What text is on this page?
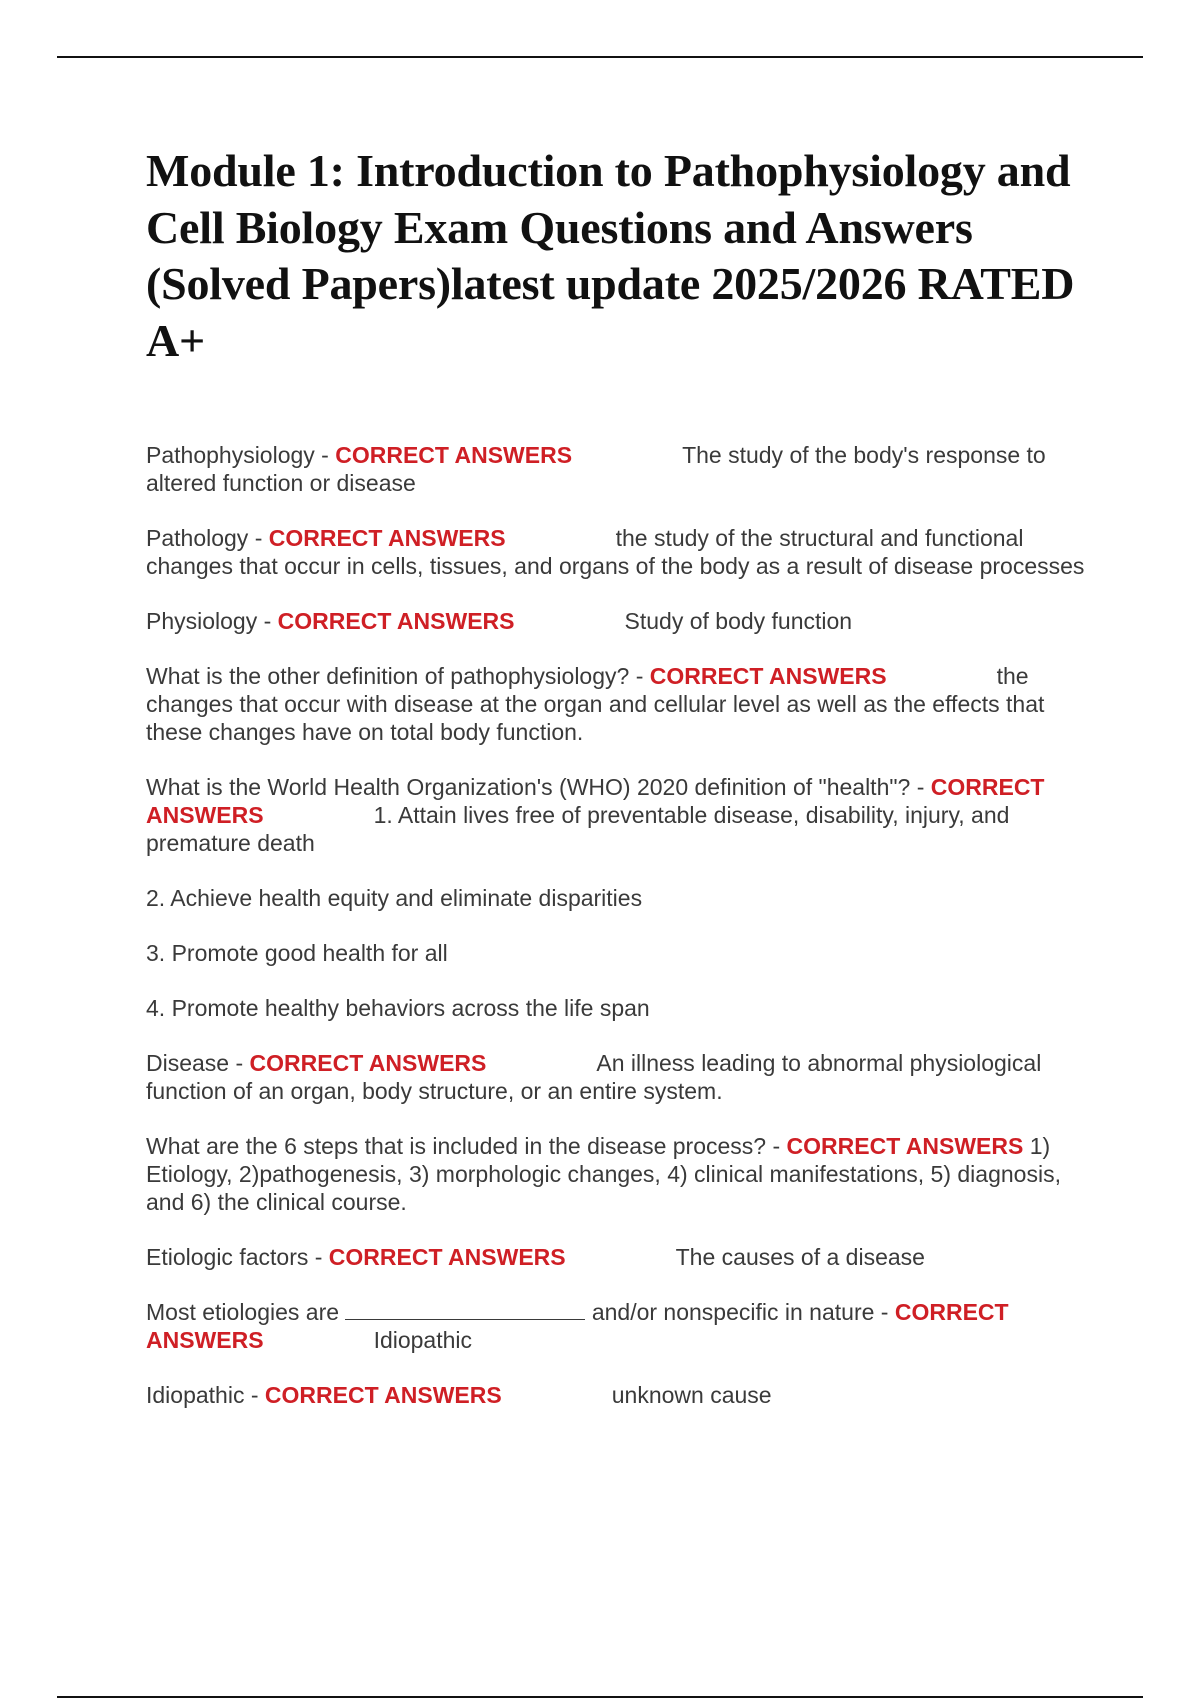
Module 1: Introduction to Pathophysiology and Cell Biology Exam Questions and Answers (Solved Papers)latest update 2025/2026 RATED A+

Pathophysiology - CORRECT ANSWERS	The study of the body's response to altered function or disease

Pathology - CORRECT ANSWERS	the study of the structural and functional changes that occur in cells, tissues, and organs of the body as a result of disease processes

Physiology - CORRECT ANSWERS	Study of body function

What is the other definition of pathophysiology? - CORRECT ANSWERS	the changes that occur with disease at the organ and cellular level as well as the effects that these changes have on total body function.

What is the World Health Organization's (WHO) 2020 definition of "health"? - CORRECT ANSWERS	1. Attain lives free of preventable disease, disability, injury, and premature death

2. Achieve health equity and eliminate disparities

3. Promote good health for all

4. Promote healthy behaviors across the life span

Disease - CORRECT ANSWERS	An illness leading to abnormal physiological function of an organ, body structure, or an entire system.

What are the 6 steps that is included in the disease process? - CORRECT ANSWERS 1) Etiology, 2)pathogenesis, 3) morphologic changes, 4) clinical manifestations, 5) diagnosis, and 6) the clinical course.

Etiologic factors - CORRECT ANSWERS	The causes of a disease

Most etiologies are	and/or nonspecific in nature - CORRECT ANSWERS	Idiopathic

Idiopathic - CORRECT ANSWERS	unknown cause
